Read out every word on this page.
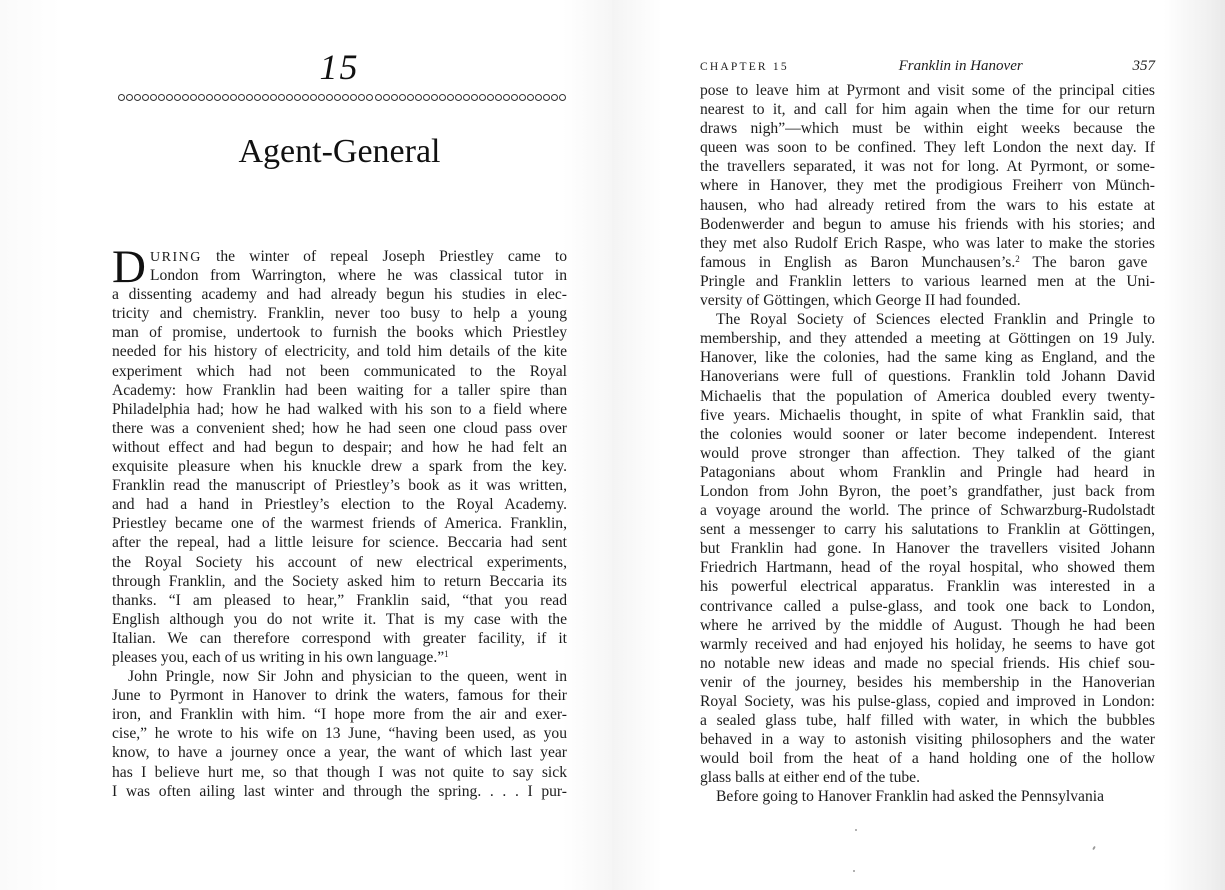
15
Agent-General
D URING the winter of repeal Joseph Priestley came to
London from Warrington, where he was classical tutor in
a dissenting academy and had already begun his studies in elec-
tricity and chemistry. Franklin, never too busy to help a young
man of promise, undertook to furnish the books which Priestley
needed for his history of electricity, and told him details of the kite
experiment which had not been communicated to the Royal
Academy: how Franklin had been waiting for a taller spire than
Philadelphia had; how he had walked with his son to a field where
there was a convenient shed; how he had seen one cloud pass over
without effect and had begun to despair; and how he had felt an
exquisite pleasure when his knuckle drew a spark from the key.
Franklin read the manuscript of Priestley’s book as it was written,
and had a hand in Priestley’s election to the Royal Academy.
Priestley became one of the warmest friends of America. Franklin,
after the repeal, had a little leisure for science. Beccaria had sent
the Royal Society his account of new electrical experiments,
through Franklin, and the Society asked him to return Beccaria its
thanks. “I am pleased to hear,” Franklin said, “that you read
English although you do not write it. That is my case with the
Italian. We can therefore correspond with greater facility, if it
pleases you, each of us writing in his own language.”$^1$
John Pringle, now Sir John and physician to the queen, went in
June to Pyrmont in Hanover to drink the waters, famous for their
iron, and Franklin with him. “I hope more from the air and exer-
cise,” he wrote to his wife on 13 June, “having been used, as you
know, to have a journey once a year, the want of which last year
has I believe hurt me, so that though I was not quite to say sick
I was often ailing last winter and through the spring. . . . I pur-
CHAPTER 15	Franklin in Hanover	357
pose to leave him at Pyrmont and visit some of the principal cities
nearest to it, and call for him again when the time for our return
draws nigh”—which must be within eight weeks because the
queen was soon to be confined. They left London the next day. If
the travellers separated, it was not for long. At Pyrmont, or some-
where in Hanover, they met the prodigious Freiherr von Münch-
hausen, who had already retired from the wars to his estate at
Bodenwerder and begun to amuse his friends with his stories; and
they met also Rudolf Erich Raspe, who was later to make the stories
famous in English as Baron Munchausen’s.$^2$ The baron gave
Pringle and Franklin letters to various learned men at the Uni-
versity of Göttingen, which George II had founded.
The Royal Society of Sciences elected Franklin and Pringle to
membership, and they attended a meeting at Göttingen on 19 July.
Hanover, like the colonies, had the same king as England, and the
Hanoverians were full of questions. Franklin told Johann David
Michaelis that the population of America doubled every twenty-
five years. Michaelis thought, in spite of what Franklin said, that
the colonies would sooner or later become independent. Interest
would prove stronger than affection. They talked of the giant
Patagonians about whom Franklin and Pringle had heard in
London from John Byron, the poet’s grandfather, just back from
a voyage around the world. The prince of Schwarzburg-Rudolstadt
sent a messenger to carry his salutations to Franklin at Göttingen,
but Franklin had gone. In Hanover the travellers visited Johann
Friedrich Hartmann, head of the royal hospital, who showed them
his powerful electrical apparatus. Franklin was interested in a
contrivance called a pulse-glass, and took one back to London,
where he arrived by the middle of August. Though he had been
warmly received and had enjoyed his holiday, he seems to have got
no notable new ideas and made no special friends. His chief sou-
venir of the journey, besides his membership in the Hanoverian
Royal Society, was his pulse-glass, copied and improved in London:
a sealed glass tube, half filled with water, in which the bubbles
behaved in a way to astonish visiting philosophers and the water
would boil from the heat of a hand holding one of the hollow
glass balls at either end of the tube.
Before going to Hanover Franklin had asked the Pennsylvania
